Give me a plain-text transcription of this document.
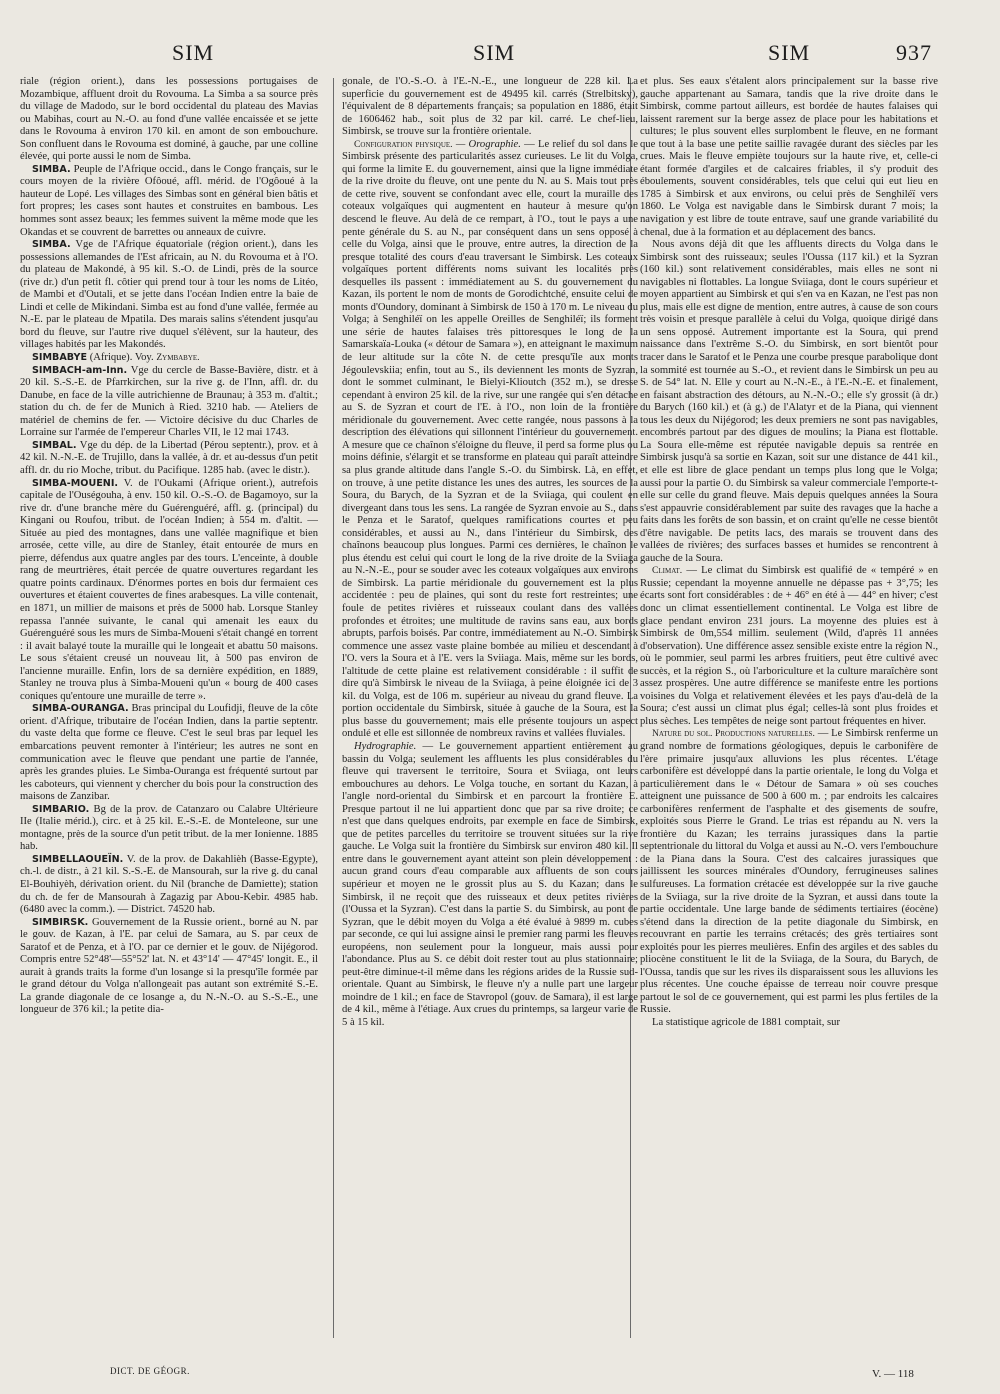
SIM	SIM	SIM	937

riale (région orient.), dans les possessions portugaises de Mozambique, affluent droit du Rovouma. La Simba a sa source près du village de Madodo, sur le bord occidental du plateau des Mavias ou Mabihas, court au N.-O. au fond d'une vallée encaissée et se jette dans le Rovouma à environ 170 kil. en amont de son embouchure. Son confluent dans le Rovouma est dominé, à gauche, par une colline élevée, qui porte aussi le nom de Simba.

SIMBA. Peuple de l'Afrique occid., dans le Congo français, sur le cours moyen de la rivière Ofôoué, affl. mérid. de l'Ogôoué à la hauteur de Lopé. Les villages des Simbas sont en général bien bâtis et fort propres; les cases sont hautes et construites en bambous. Les hommes sont assez beaux; les femmes suivent la même mode que les Okandas et se couvrent de barrettes ou anneaux de cuivre.

SIMBA. Vge de l'Afrique équatoriale (région orient.), dans les possessions allemandes de l'Est africain, au N. du Rovouma et à l'O. du plateau de Makondé, à 95 kil. S.-O. de Lindi, près de la source (rive dr.) d'un petit fl. côtier qui prend tour à tour les noms de Litéo, de Mambi et d'Outali, et se jette dans l'océan Indien entre la baie de Lindi et celle de Mikindani. Simba est au fond d'une vallée, fermée au N.-E. par le plateau de Mpatila. Des marais salins s'étendent jusqu'au bord du fleuve, sur l'autre rive duquel s'élèvent, sur la hauteur, des villages habités par les Makondés.

SIMBABYE (Afrique). Voy. Zymbabye.

SIMBACH-am-Inn. Vge du cercle de Basse-Bavière, distr. et à 20 kil. S.-S.-E. de Pfarrkirchen, sur la rive g. de l'Inn, affl. dr. du Danube, en face de la ville autrichienne de Braunau; à 353 m. d'altit.; station du ch. de fer de Munich à Ried. 3210 hab. — Ateliers de matériel de chemins de fer. — Victoire décisive du duc Charles de Lorraine sur l'armée de l'empereur Charles VII, le 12 mai 1743.

SIMBAL. Vge du dép. de la Libertad (Pérou septentr.), prov. et à 42 kil. N.-N.-E. de Trujillo, dans la vallée, à dr. et au-dessus d'un petit affl. dr. du rio Moche, tribut. du Pacifique. 1285 hab. (avec le distr.).

SIMBA-MOUENI. V. de l'Oukami (Afrique orient.), autrefois capitale de l'Ouségouha, à env. 150 kil. O.-S.-O. de Bagamoyo, sur la rive dr. d'une branche mère du Guérenguéré, affl. g. (principal) du Kingani ou Roufou, tribut. de l'océan Indien; à 554 m. d'altit. — Située au pied des montagnes, dans une vallée magnifique et bien arrosée, cette ville, au dire de Stanley, était entourée de murs en pierre, défendus aux quatre angles par des tours. L'enceinte, à double rang de meurtrières, était percée de quatre ouvertures regardant les quatre points cardinaux. D'énormes portes en bois dur fermaient ces ouvertures et étaient couvertes de fines arabesques. La ville contenait, en 1871, un millier de maisons et près de 5000 hab. Lorsque Stanley repassa l'année suivante, le canal qui amenait les eaux du Guérenguéré sous les murs de Simba-Moueni s'était changé en torrent : il avait balayé toute la muraille qui le longeait et abattu 50 maisons. Le sous s'étaient creusé un nouveau lit, à 500 pas environ de l'ancienne muraille. Enfin, lors de sa dernière expédition, en 1889, Stanley ne trouva plus à Simba-Moueni qu'un « bourg de 400 cases coniques qu'entoure une muraille de terre ».

SIMBA-OURANGA. Bras principal du Loufidji, fleuve de la côte orient. d'Afrique, tributaire de l'océan Indien, dans la partie septentr. du vaste delta que forme ce fleuve. C'est le seul bras par lequel les embarcations peuvent remonter à l'intérieur; les autres ne sont en communication avec le fleuve que pendant une partie de l'année, après les grandes pluies. Le Simba-Ouranga est fréquenté surtout par les caboteurs, qui viennent y chercher du bois pour la construction des maisons de Zanzibar.

SIMBARIO. Bg de la prov. de Catanzaro ou Calabre Ultérieure IIe (Italie mérid.), circ. et à 25 kil. E.-S.-E. de Monteleone, sur une montagne, près de la source d'un petit tribut. de la mer Ionienne. 1885 hab.

SIMBELLAOUEÏN. V. de la prov. de Dakahlièh (Basse-Egypte), ch.-l. de distr., à 21 kil. S.-S.-E. de Mansourah, sur la rive g. du canal El-Bouhiyèh, dérivation orient. du Nil (branche de Damiette); station du ch. de fer de Mansourah à Zagazig par Abou-Kebir. 4985 hab. (6480 avec la comm.). — District. 74520 hab.

SIMBIRSK. Gouvernement de la Russie orient., borné au N. par le gouv. de Kazan, à l'E. par celui de Samara, au S. par ceux de Saratof et de Penza, et à l'O. par ce dernier et le gouv. de Nijégorod. Compris entre 52°48'—55°52' lat. N. et 43°14' — 47°45' longit. E., il aurait à grands traits la forme d'un losange si la presqu'île formée par le grand détour du Volga n'allongeait pas autant son extrémité S.-E. La grande diagonale de ce losange a, du N.-N.-O. au S.-S.-E., une longueur de 376 kil.; la petite dia-

gonale, de l'O.-S.-O. à l'E.-N.-E., une longueur de 228 kil. La superficie du gouvernement est de 49495 kil. carrés (Strelbitsky), l'équivalent de 8 départements français; sa population en 1886, était de 1606462 hab., soit plus de 32 par kil. carré. Le chef-lieu, Simbirsk, se trouve sur la frontière orientale.

Configuration physique. — Orographie. — Le relief du sol dans le Simbirsk présente des particularités assez curieuses. Le lit du Volga, qui forme la limite E. du gouvernement, ainsi que la ligne immédiate de la rive droite du fleuve, ont une pente du N. au S. Mais tout près de cette rive, souvent se confondant avec elle, court la muraille des coteaux volgaïques qui augmentent en hauteur à mesure qu'on descend le fleuve. Au delà de ce rempart, à l'O., tout le pays a une pente générale du S. au N., par conséquent dans un sens opposé à celle du Volga, ainsi que le prouve, entre autres, la direction de la presque totalité des cours d'eau traversant le Simbirsk. Les coteaux volgaïques portent différents noms suivant les localités près desquelles ils passent : immédiatement au S. du gouvernement du Kazan, ils portent le nom de monts de Gorodichtché, ensuite celui de monts d'Oundory, dominant à Simbirsk de 150 à 170 m. Le niveau du Volga; à Senghiléï on les appelle Oreilles de Senghiléï; ils forment une série de hautes falaises très pittoresques le long de la Samarskaïa-Louka (« détour de Samara »), en atteignant le maximum de leur altitude sur la côte N. de cette presqu'île aux monts Jégoulevskiia; enfin, tout au S., ils deviennent les monts de Syzran, dont le sommet culminant, le Bielyi-Klioutch (352 m.), se dresse cependant à environ 25 kil. de la rive, sur une rangée qui s'en détache au S. de Syzran et court de l'E. à l'O., non loin de la frontière méridionale du gouvernement. Avec cette rangée, nous passons à la description des élévations qui sillonnent l'intérieur du gouvernement. A mesure que ce chaînon s'éloigne du fleuve, il perd sa forme plus ou moins définie, s'élargit et se transforme en plateau qui paraît atteindre sa plus grande altitude dans l'angle S.-O. du Simbirsk. Là, en effet, on trouve, à une petite distance les unes des autres, les sources de la Soura, du Barych, de la Syzran et de la Sviiaga, qui coulent en divergeant dans tous les sens. La rangée de Syzran envoie au S., dans le Penza et le Saratof, quelques ramifications courtes et peu considérables, et aussi au N., dans l'intérieur du Simbirsk, des chaînons beaucoup plus longues. Parmi ces dernières, le chaînon le plus étendu est celui qui court le long de la rive droite de la Sviiaga au N.-N.-E., pour se souder avec les coteaux volgaïques aux environs de Simbirsk. La partie méridionale du gouvernement est la plus accidentée : peu de plaines, qui sont du reste fort restreintes; une foule de petites rivières et ruisseaux coulant dans des vallées profondes et étroites; une multitude de ravins sans eau, aux bords abrupts, parfois boisés. Par contre, immédiatement au N.-O. Simbirsk commence une assez vaste plaine bombée au milieu et descendant à l'O. vers la Soura et à l'E. vers la Sviiaga. Mais, même sur les bords, l'altitude de cette plaine est relativement considérable : il suffit de dire qu'à Simbirsk le niveau de la Sviiaga, à peine éloignée ici de 3 kil. du Volga, est de 106 m. supérieur au niveau du grand fleuve. La portion occidentale du Simbirsk, située à gauche de la Soura, est la plus basse du gouvernement; mais elle présente toujours un aspect ondulé et elle est sillonnée de nombreux ravins et vallées fluviales.

Hydrographie. — Le gouvernement appartient entièrement au bassin du Volga; seulement les affluents les plus considérables du fleuve qui traversent le territoire, Soura et Sviiaga, ont leurs embouchures au dehors. Le Volga touche, en sortant du Kazan, à l'angle nord-oriental du Simbirsk et en parcourt la frontière E. Presque partout il ne lui appartient donc que par sa rive droite; ce n'est que dans quelques endroits, par exemple en face de Simbirsk, que de petites parcelles du territoire se trouvent situées sur la rive gauche. Le Volga suit la frontière du Simbirsk sur environ 480 kil. Il entre dans le gouvernement ayant atteint son plein développement : aucun grand cours d'eau comparable aux affluents de son cours supérieur et moyen ne le grossit plus au S. du Kazan; dans le Simbirsk, il ne reçoit que des ruisseaux et deux petites rivières (l'Oussa et la Syzran). C'est dans la partie S. du Simbirsk, au pont de Syzran, que le débit moyen du Volga a été évalué à 9899 m. cubes par seconde, ce qui lui assigne ainsi le premier rang parmi les fleuves européens, non seulement pour la longueur, mais aussi pour l'abondance. Plus au S. ce débit doit rester tout au plus stationnaire; peut-être diminue-t-il même dans les régions arides de la Russie sud-orientale. Quant au Simbirsk, le fleuve n'y a nulle part une largeur moindre de 1 kil.; en face de Stavropol (gouv. de Samara), il est large de 4 kil., même à l'étiage. Aux crues du printemps, sa largeur varie de 5 à 15 kil.

et plus. Ses eaux s'étalent alors principalement sur la basse rive gauche appartenant au Samara, tandis que la rive droite dans le Simbirsk, comme partout ailleurs, est bordée de hautes falaises qui laissent rarement sur la berge assez de place pour les habitations et cultures; le plus souvent elles surplombent le fleuve, en ne formant que tout à la base une petite saillie ravagée durant des siècles par les crues. Mais le fleuve empiète toujours sur la haute rive, et, celle-ci étant formée d'argiles et de calcaires friables, il s'y produit des éboulements, souvent considérables, tels que celui qui eut lieu en 1785 à Simbirsk et aux environs, ou celui près de Senghiléï vers 1860. Le Volga est navigable dans le Simbirsk durant 7 mois; la navigation y est libre de toute entrave, sauf une grande variabilité du chenal, due à la formation et au déplacement des bancs.

Nous avons déjà dit que les affluents directs du Volga dans le Simbirsk sont des ruisseaux; seules l'Oussa (117 kil.) et la Syzran (160 kil.) sont relativement considérables, mais elles ne sont ni navigables ni flottables. La longue Sviiaga, dont le cours supérieur et moyen appartient au Simbirsk et qui s'en va en Kazan, ne l'est pas non plus, mais elle est digne de mention, entre autres, à cause de son cours très voisin et presque parallèle à celui du Volga, quoique dirigé dans un sens opposé. Autrement importante est la Soura, qui prend naissance dans l'extrême S.-O. du Simbirsk, en sort bientôt pour tracer dans le Saratof et le Penza une courbe presque parabolique dont la sommité est tournée au S.-O., et revient dans le Simbirsk un peu au S. de 54° lat. N. Elle y court au N.-N.-E., à l'E.-N.-E. et finalement, en faisant abstraction des détours, au N.-N.-O.; elle s'y grossit (à dr.) du Barych (160 kil.) et (à g.) de l'Alatyr et de la Piana, qui viennent tous les deux du Nijégorod; les deux premiers ne sont pas navigables, encombrés partout par des digues de moulins; la Piana est flottable. La Soura elle-même est réputée navigable depuis sa rentrée en Simbirsk jusqu'à sa sortie en Kazan, soit sur une distance de 441 kil., et elle est libre de glace pendant un temps plus long que le Volga; aussi pour la partie O. du Simbirsk sa valeur commerciale l'emporte-t-elle sur celle du grand fleuve. Mais depuis quelques années la Soura s'est appauvrie considérablement par suite des ravages que la hache a faits dans les forêts de son bassin, et on craint qu'elle ne cesse bientôt d'être navigable. De petits lacs, des marais se trouvent dans des vallées de rivières; des surfaces basses et humides se rencontrent à gauche de la Soura.

Climat. — Le climat du Simbirsk est qualifié de « tempéré » en Russie; cependant la moyenne annuelle ne dépasse pas + 3°,75; les écarts sont fort considérables : de + 46° en été à — 44° en hiver; c'est donc un climat essentiellement continental. Le Volga est libre de glace pendant environ 231 jours. La moyenne des pluies est à Simbirsk de 0m,554 millim. seulement (Wild, d'après 11 années d'observation). Une différence assez sensible existe entre la région N., où le pommier, seul parmi les arbres fruitiers, peut être cultivé avec succès, et la région S., où l'arboriculture et la culture maraîchère sont assez prospères. Une autre différence se manifeste entre les portions voisines du Volga et relativement élevées et les pays d'au-delà de la Soura; c'est aussi un climat plus égal; celles-là sont plus froides et plus sèches. Les tempêtes de neige sont partout fréquentes en hiver.

Nature du sol. Productions naturelles. — Le Simbirsk renferme un grand nombre de formations géologiques, depuis le carbonifère de l'ère primaire jusqu'aux alluvions les plus récentes. L'étage carbonifère est développé dans la partie orientale, le long du Volga et particulièrement dans le « Détour de Samara » où ses couches atteignent une puissance de 500 à 600 m. ; par endroits les calcaires carbonifères renferment de l'asphalte et des gisements de soufre, exploités sous Pierre le Grand. Le trias est répandu au N. vers la frontière du Kazan; les terrains jurassiques dans la partie septentrionale du littoral du Volga et aussi au N.-O. vers l'embouchure de la Piana dans la Soura. C'est des calcaires jurassiques que jaillissent les sources minérales d'Oundory, ferrugineuses salines sulfureuses. La formation crétacée est développée sur la rive gauche de la Sviiaga, sur la rive droite de la Syzran, et aussi dans toute la partie occidentale. Une large bande de sédiments tertiaires (éocène) s'étend dans la direction de la petite diagonale du Simbirsk, en recouvrant en partie les terrains crétacés; des grès tertiaires sont exploités pour les pierres meulières. Enfin des argiles et des sables du pliocène constituent le lit de la Sviiaga, de la Soura, du Barych, de l'Oussa, tandis que sur les rives ils disparaissent sous les alluvions les plus récentes. Une couche épaisse de terreau noir couvre presque partout le sol de ce gouvernement, qui est parmi les plus fertiles de la Russie.

La statistique agricole de 1881 comptait, sur

DICT. DE GÉOGR.	V. — 118
